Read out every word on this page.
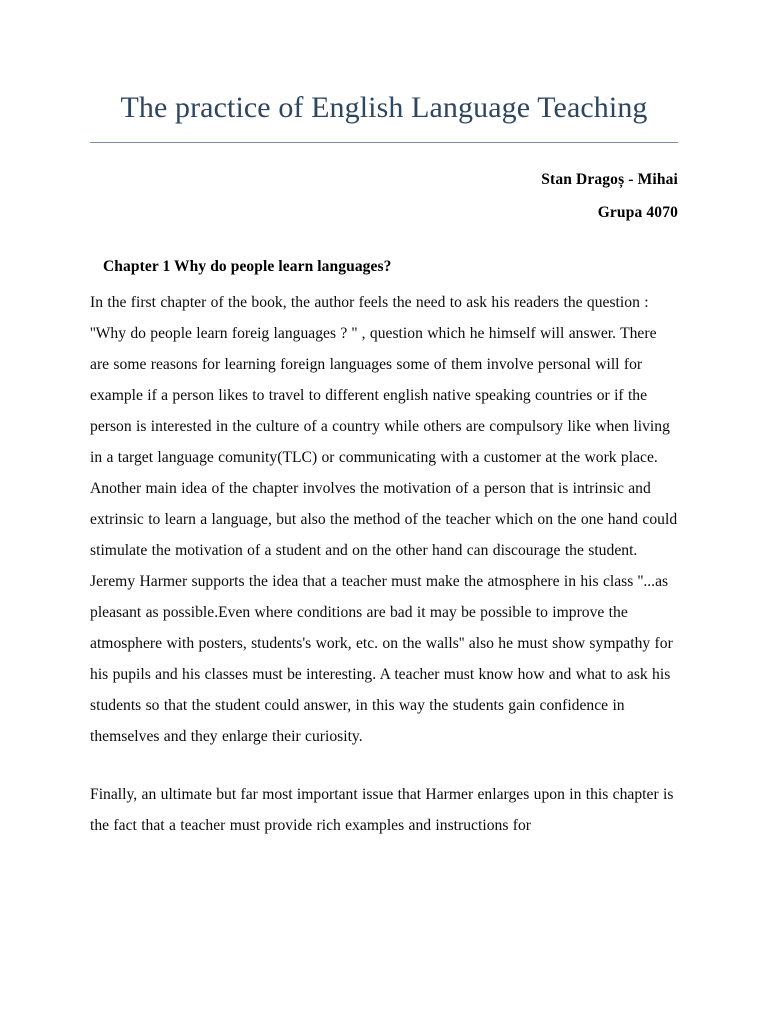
The practice of English Language Teaching
Stan Dragoș - Mihai
Grupa 4070
Chapter 1 Why do people learn languages?

In the first chapter of the book, the author feels the need to ask his readers the question : ''Why do people learn foreig languages ? '' , question which he himself will answer. There are some reasons for learning foreign languages some of them involve personal will for example if a person likes to travel to different english native speaking countries or if the person is interested in the culture of a country while others are compulsory like when living in a target language comunity(TLC) or communicating with a customer at the work place. Another main idea of the chapter involves the motivation of a person that is intrinsic and extrinsic to learn a language, but also the method of the teacher which on the one hand could stimulate the motivation of a student and on the other hand can discourage the student. Jeremy Harmer supports the idea that a teacher must make the atmosphere in his class ''...as pleasant as possible.Even where conditions are bad it may be possible to improve the atmosphere with posters, students's work, etc. on the walls'' also he must show sympathy for his pupils and his classes must be interesting. A teacher must know how and what to ask his students so that the student could answer, in this way the students gain confidence in themselves and they enlarge their curiosity.

Finally, an ultimate but far most important issue that Harmer enlarges upon in this chapter is the fact that a teacher must provide rich examples and instructions for
